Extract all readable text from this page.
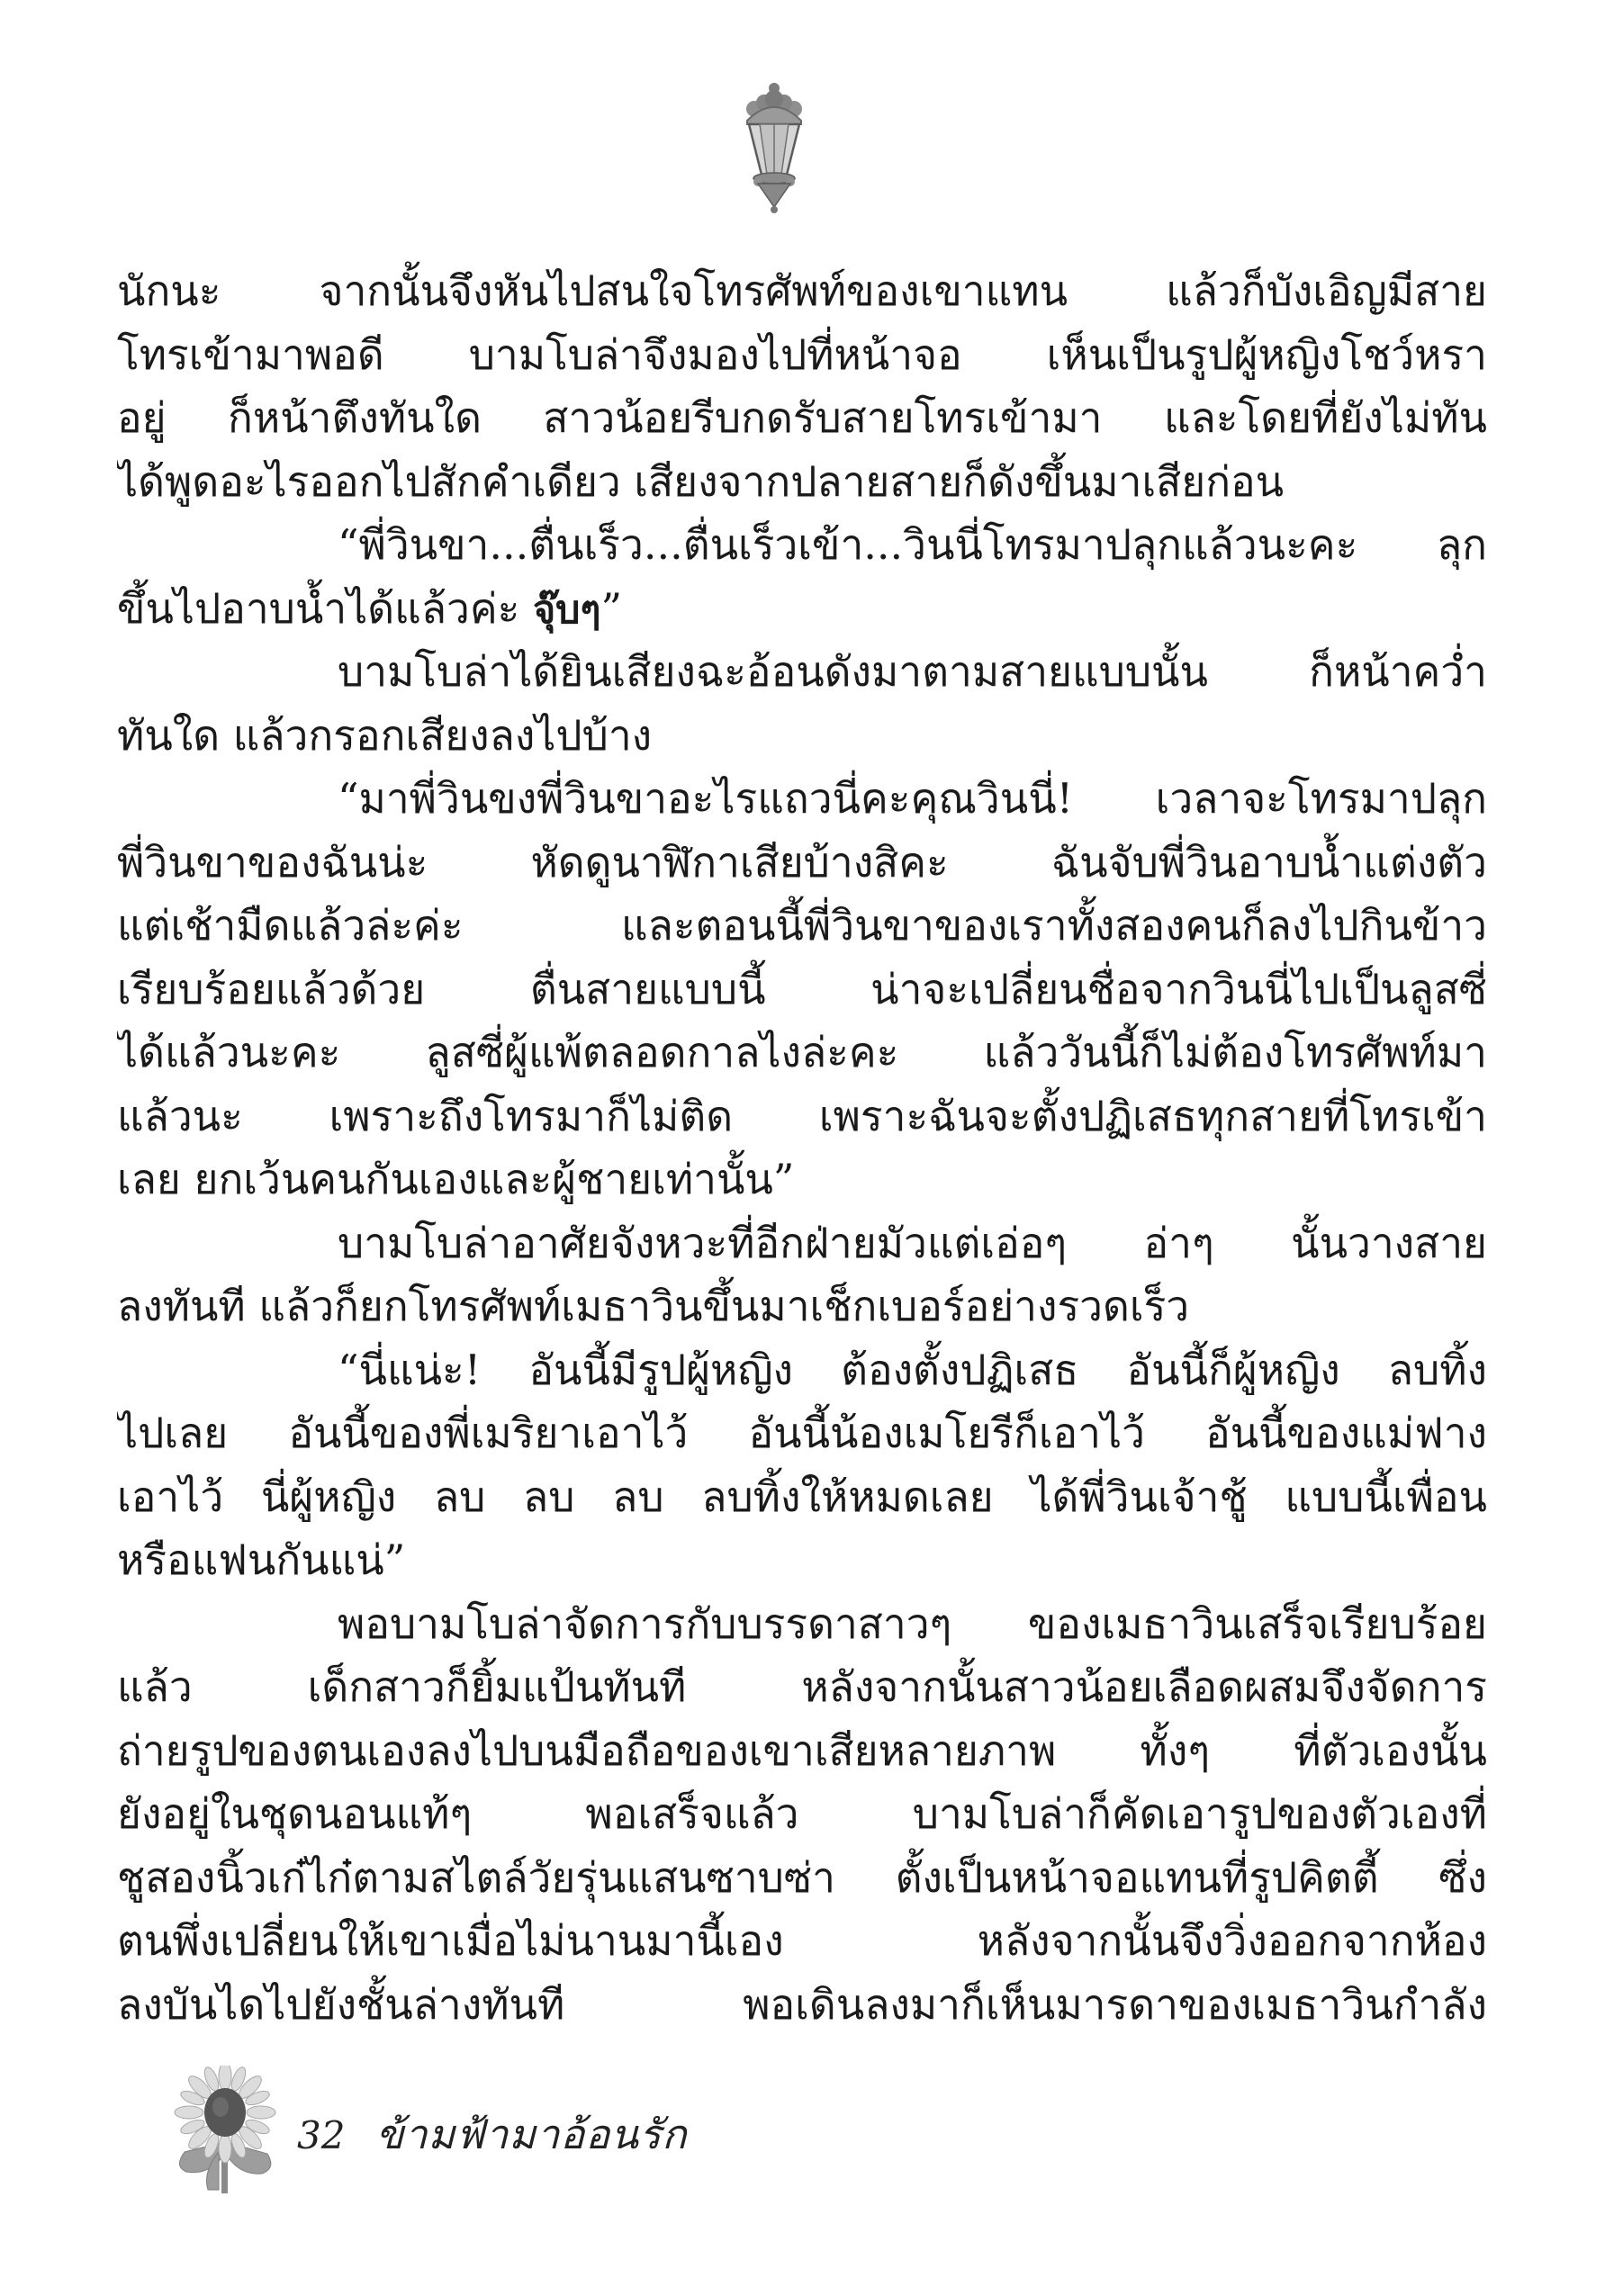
นักนะ จากนั้นจึงหันไปสนใจโทรศัพท์ของเขาแทน แล้วก็บังเอิญมีสาย
โทรเข้ามาพอดี บามโบล่าจึงมองไปที่หน้าจอ เห็นเป็นรูปผู้หญิงโชว์หรา
อยู่ ก็หน้าตึงทันใด สาวน้อยรีบกดรับสายโทรเข้ามา และโดยที่ยังไม่ทัน
ได้พูดอะไรออกไปสักคำเดียว เสียงจากปลายสายก็ดังขึ้นมาเสียก่อน
“พี่วินขา...ตื่นเร็ว...ตื่นเร็วเข้า...วินนี่โทรมาปลุกแล้วนะคะ ลุก
ขึ้นไปอาบน้ำได้แล้วค่ะ จุ๊บๆ”
บามโบล่าได้ยินเสียงฉะอ้อนดังมาตามสายแบบนั้น ก็หน้าคว่ำ
ทันใด แล้วกรอกเสียงลงไปบ้าง
“มาพี่วินขงพี่วินขาอะไรแถวนี่คะคุณวินนี่! เวลาจะโทรมาปลุก
พี่วินขาของฉันน่ะ หัดดูนาฬิกาเสียบ้างสิคะ ฉันจับพี่วินอาบน้ำแต่งตัว
แต่เช้ามืดแล้วล่ะค่ะ และตอนนี้พี่วินขาของเราทั้งสองคนก็ลงไปกินข้าว
เรียบร้อยแล้วด้วย ตื่นสายแบบนี้ น่าจะเปลี่ยนชื่อจากวินนี่ไปเป็นลูสซี่
ได้แล้วนะคะ ลูสซี่ผู้แพ้ตลอดกาลไงล่ะคะ แล้ววันนี้ก็ไม่ต้องโทรศัพท์มา
แล้วนะ เพราะถึงโทรมาก็ไม่ติด เพราะฉันจะตั้งปฏิเสธทุกสายที่โทรเข้า
เลย ยกเว้นคนกันเองและผู้ชายเท่านั้น”
บามโบล่าอาศัยจังหวะที่อีกฝ่ายมัวแต่เอ่อๆ อ่าๆ นั้นวางสาย
ลงทันที แล้วก็ยกโทรศัพท์เมธาวินขึ้นมาเช็กเบอร์อย่างรวดเร็ว
“นี่แน่ะ! อันนี้มีรูปผู้หญิง ต้องตั้งปฏิเสธ อันนี้ก็ผู้หญิง ลบทิ้ง
ไปเลย อันนี้ของพี่เมริยาเอาไว้ อันนี้น้องเมโยรีก็เอาไว้ อันนี้ของแม่ฟาง
เอาไว้ นี่ผู้หญิง ลบ ลบ ลบ ลบทิ้งให้หมดเลย ได้พี่วินเจ้าชู้ แบบนี้เพื่อน
หรือแฟนกันแน่”
พอบามโบล่าจัดการกับบรรดาสาวๆ ของเมธาวินเสร็จเรียบร้อย
แล้ว เด็กสาวก็ยิ้มแป้นทันที หลังจากนั้นสาวน้อยเลือดผสมจึงจัดการ
ถ่ายรูปของตนเองลงไปบนมือถือของเขาเสียหลายภาพ ทั้งๆ ที่ตัวเองนั้น
ยังอยู่ในชุดนอนแท้ๆ พอเสร็จแล้ว บามโบล่าก็คัดเอารูปของตัวเองที่
ชูสองนิ้วเก๋ไก๋ตามสไตล์วัยรุ่นแสนซาบซ่า ตั้งเป็นหน้าจอแทนที่รูปคิตตี้ ซึ่ง
ตนพึ่งเปลี่ยนให้เขาเมื่อไม่นานมานี้เอง หลังจากนั้นจึงวิ่งออกจากห้อง
ลงบันไดไปยังชั้นล่างทันที พอเดินลงมาก็เห็นมารดาของเมธาวินกำลัง
32 ข้ามฟ้ามาอ้อนรัก
